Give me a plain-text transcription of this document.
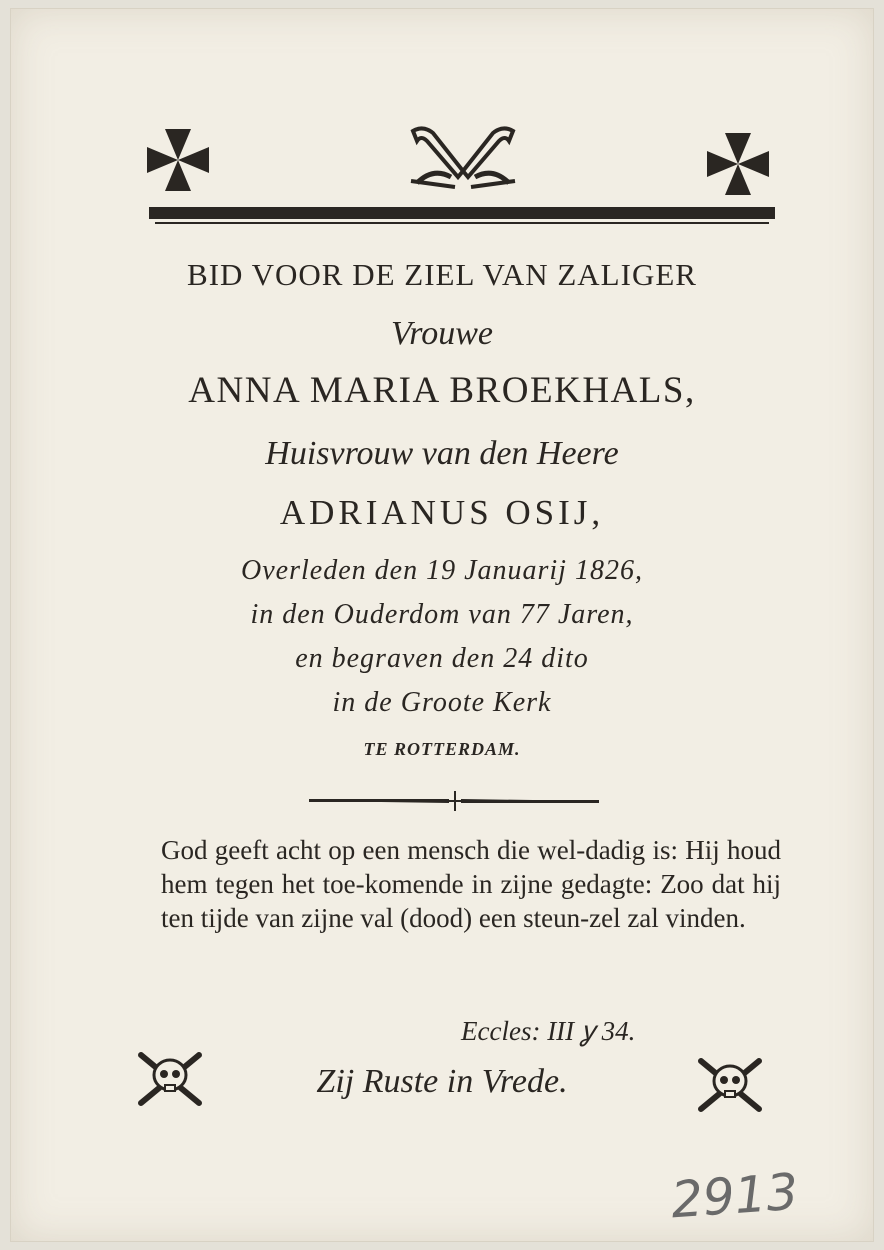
BID VOOR DE ZIEL VAN ZALIGER
Vrouwe
ANNA MARIA BROEKHALS,
Huisvrouw van den Heere
ADRIANUS OSIJ,
Overleden den 19 Januarij 1826,
in den Ouderdom van 77 Jaren,
en begraven den 24 dito
in de Groote Kerk
TE ROTTERDAM.
God geeft acht op een mensch die wel-dadig is: Hij houd hem tegen het toe-komende in zijne gedagte: Zoo dat hij ten tijde van zijne val (dood) een steun-zel zal vinden.
Eccles: III ỿ 34.
Zij Ruste in Vrede.
2913
